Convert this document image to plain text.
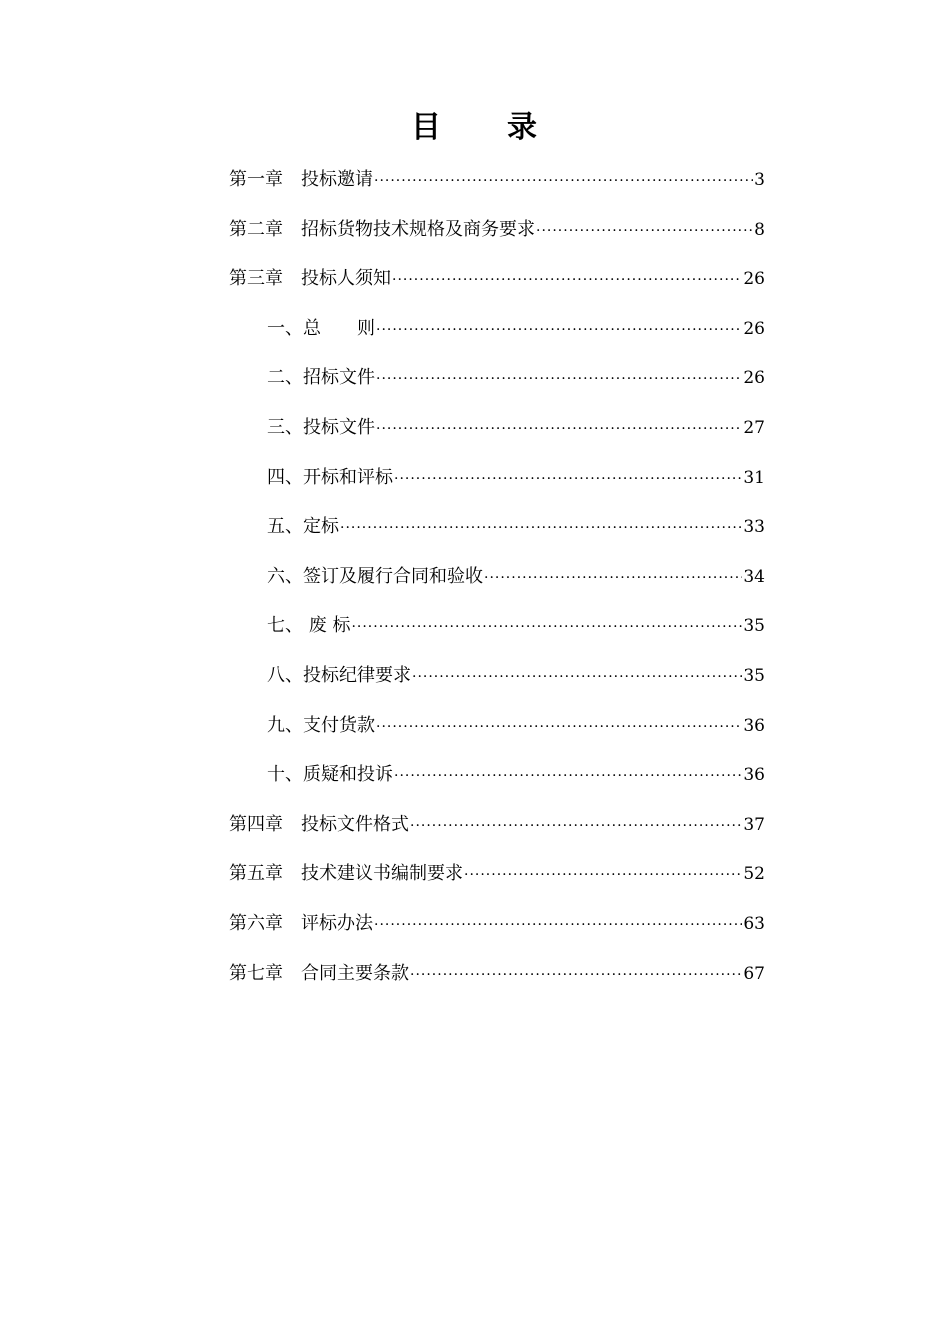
目　　录
第一章　投标邀请 ·····	3
第二章　招标货物技术规格及商务要求 ·····	8
第三章　投标人须知 ·····	26
一、总　　则 ·····	26
二、招标文件 ·····	26
三、投标文件 ·····	27
四、开标和评标 ·····	31
五、定标 ·····	33
六、签订及履行合同和验收 ·····	34
七、 废 标 ·····	35
八、投标纪律要求 ·····	35
九、支付货款 ·····	36
十、质疑和投诉 ·····	36
第四章　投标文件格式 ·····	37
第五章　技术建议书编制要求 ·····	52
第六章　评标办法 ·····	63
第七章　合同主要条款 ·····	67
